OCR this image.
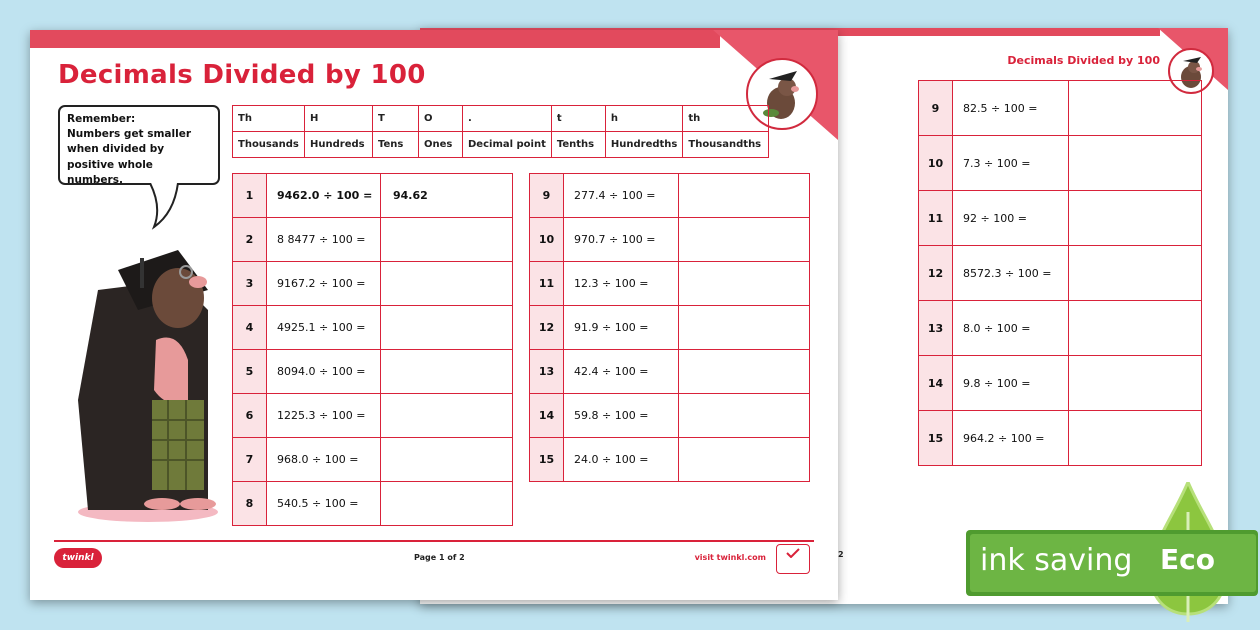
Decimals Divided by 100
9	82.5 ÷ 100 =	
10	7.3 ÷ 100 =	
11	92 ÷ 100 =	
12	8572.3 ÷ 100 =	
13	8.0 ÷ 100 =	
14	9.8 ÷ 100 =	
15	964.2 ÷ 100 =	
2
Decimals Divided by 100
Remember:
Numbers get smaller
when divided by
positive whole numbers.
Th	H	T	O	.	t	h	th
Thousands	Hundreds	Tens	Ones	Decimal point	Tenths	Hundredths	Thousandths
1	9462.0 ÷ 100 =	94.62
2	8 8477 ÷ 100 =	
3	9167.2 ÷ 100 =	
4	4925.1 ÷ 100 =	
5	8094.0 ÷ 100 =	
6	1225.3 ÷ 100 =	
7	968.0 ÷ 100 =	
8	540.5 ÷ 100 =	
9	277.4 ÷ 100 =	
10	970.7 ÷ 100 =	
11	12.3 ÷ 100 =	
12	91.9 ÷ 100 =	
13	42.4 ÷ 100 =	
14	59.8 ÷ 100 =	
15	24.0 ÷ 100 =	
twinkl	Page 1 of 2	visit twinkl.com	ink saving Eco
